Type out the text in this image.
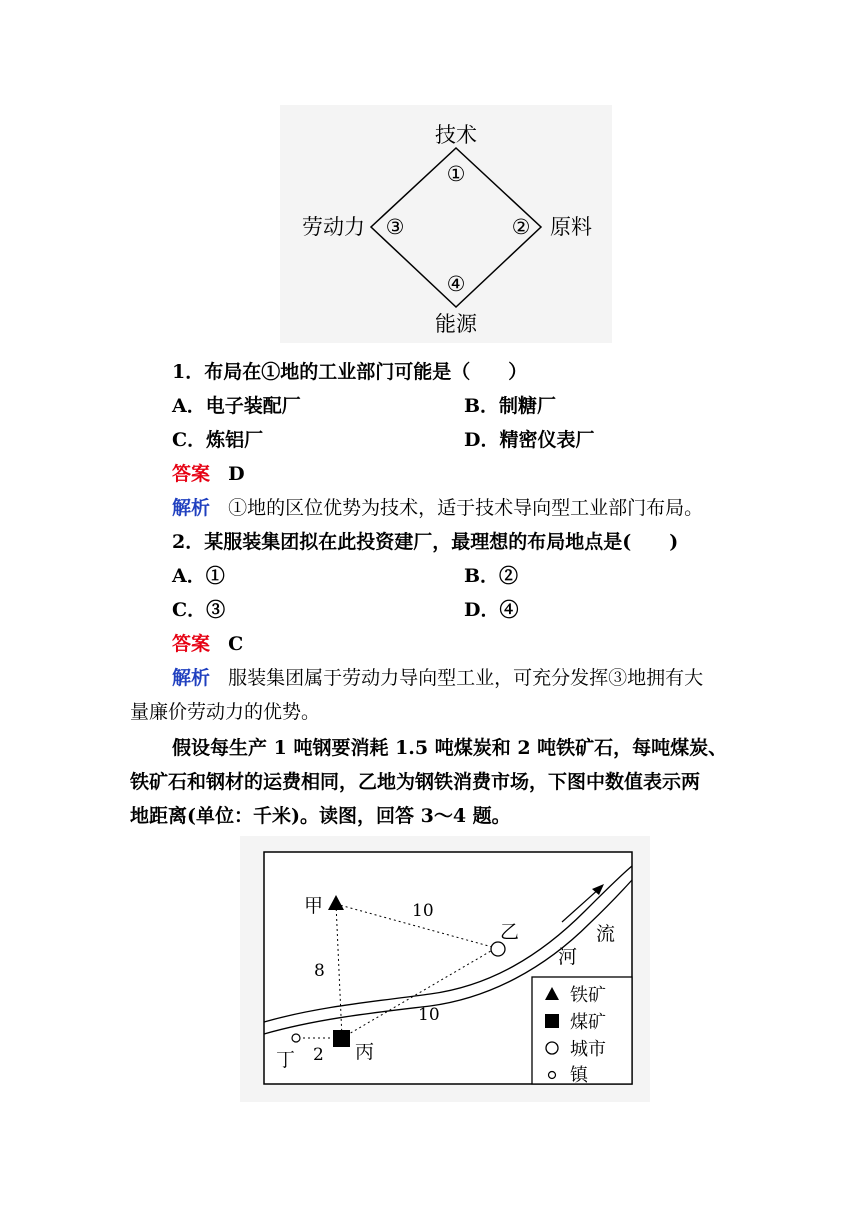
技术
原料
能源
劳动力
①
②
③
④
1．布局在①地的工业部门可能是（　　）
A．电子装配厂	B．制糖厂
C．炼铝厂	D．精密仪表厂
答案 D
解析 ①地的区位优势为技术，适于技术导向型工业部门布局。
2．某服装集团拟在此投资建厂，最理想的布局地点是(　　)
A．①	B．②
C．③	D．④
答案 C
解析 服装集团属于劳动力导向型工业，可充分发挥③地拥有大
量廉价劳动力的优势。
假设每生产 1 吨钢要消耗 1.5 吨煤炭和 2 吨铁矿石，每吨煤炭、
铁矿石和钢材的运费相同，乙地为钢铁消费市场，下图中数值表示两
地距离(单位：千米)。读图，回答 3～4 题。
甲
乙
丙
丁
10
8
10
2
河
流
铁矿
煤矿
城市
镇
